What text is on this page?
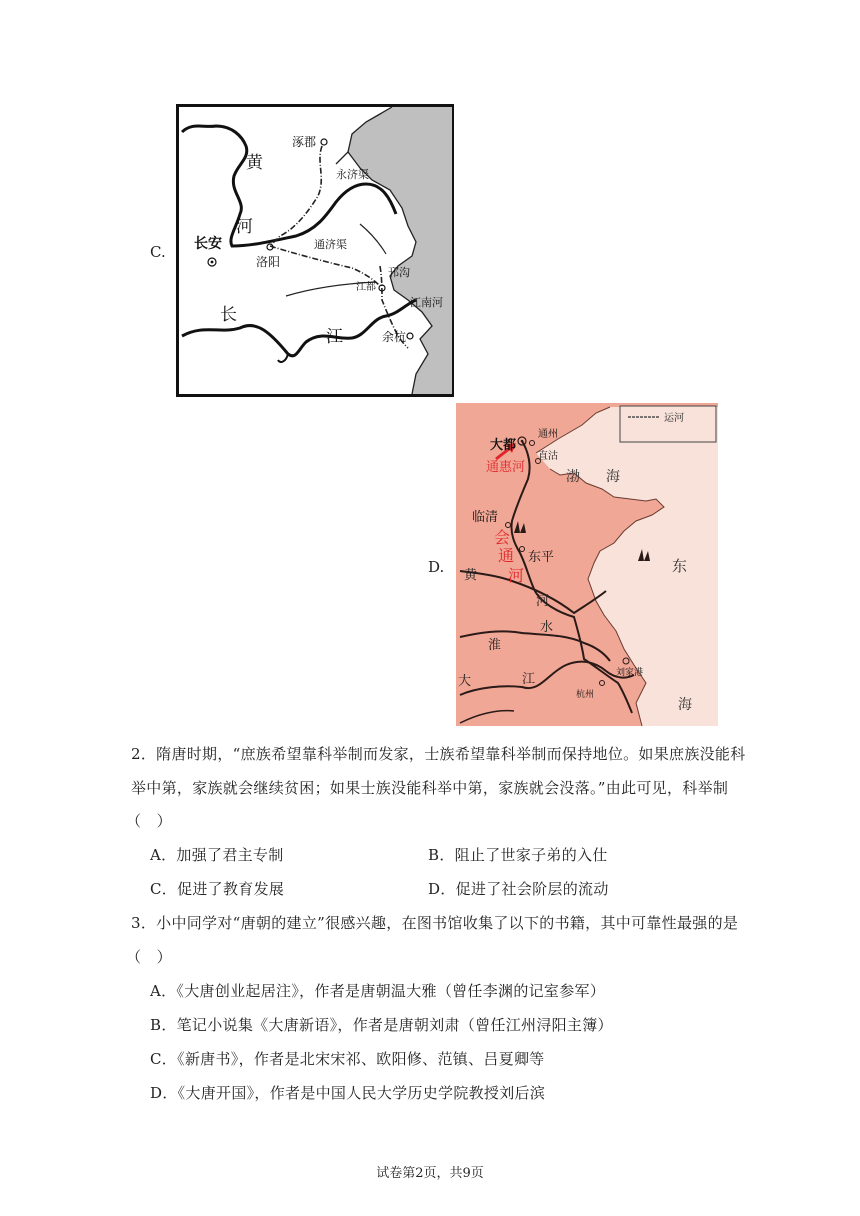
C.
涿郡
黄
永济渠
河
长安
洛阳
通济渠
邗沟
江都
江南河
长
江	余杭
D.
运河
大都
通州
通惠河
直沽
渤 海
临清
会
通
河
东平	东
黄
河
水
淮
大	江	刘家港
杭州
海
2．隋唐时期，“庶族希望靠科举制而发家，士族希望靠科举制而保持地位。如果庶族没能科
举中第，家族就会继续贫困；如果士族没能科举中第，家族就会没落。”由此可见，科举制
（　）
A．加强了君主专制	B．阻止了世家子弟的入仕
C．促进了教育发展	D．促进了社会阶层的流动
3．小中同学对“唐朝的建立”很感兴趣，在图书馆收集了以下的书籍，其中可靠性最强的是
（　）
A．《大唐创业起居注》，作者是唐朝温大雅（曾任李渊的记室参军）
B．笔记小说集《大唐新语》，作者是唐朝刘肃（曾任江州浔阳主簿）
C．《新唐书》，作者是北宋宋祁、欧阳修、范镇、吕夏卿等
D．《大唐开国》，作者是中国人民大学历史学院教授刘后滨
试卷第2页，共9页
